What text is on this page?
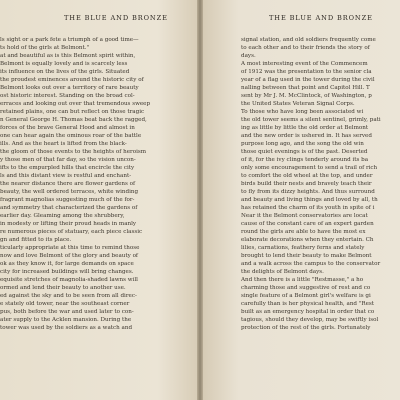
THE BLUE AND BRONZE
ls sight or a park fete a triumph of a good time—
ts hold of the girls at Belmont."
at and beautiful as is this Belmont spirit within,
Belmont is equally lovely and is scarcely less
its influence on the lives of the girls. Situated
the proudest eminences around the historic city of
Belmont looks out over a territory of rare beauty
ost historic interest. Standing on the broad col-
erraces and looking out over that tremendous sweep
retained plains, one can but reflect on those tragic
n General George H. Thomas beat back the ragged,
forces of the brave General Hood and almost in
one can hear again the ominous roar of the battle
ills. And as the heart is lifted from the black-
the gloom of those events to the heights of heroism
y those men of that far day, so the vision uncon-
ifts to the empurpled hills that encircle the city
ls and this distant view is restful and enchant-
the nearer distance there are flower gardens of
beauty, the well ordered terraces, white winding
fragrant magnolias suggesting much of the for-
and symmetry that characterized the gardens of
earlier day. Gleaming among the shrubbery,
in modesty or lifting their proud heads in manly
re numerous pieces of statuary, each piece classic
gn and fitted to its place.
ticularly appropriate at this time to remind those
now and love Belmont of the glory and beauty of
ok as they know it, for large demands on space
city for increased buildings will bring changes.
equisite stretches of magnolia-shaded lawns will
ormed and lend their beauty to another use.
ed against the sky and to be seen from all direc-
e stately old tower, near the southeast corner
pus, both before the war and used later to con-
ater supply to the Acklen mansion. During the
tower was used by the soldiers as a watch and
THE BLUE AND BRONZE
signal station, and old soldiers frequently come
to each other and to their friends the story of
days.
A most interesting event of the Commencem
of 1912 was the presentation to the senior cla
year of a flag used in the tower during the civil
nalling between that point and Capitol Hill. T
sent by Mr J. M. McClintock, of Washington, p
the United States Veteran Signal Corps.
To those who have long been associated wi
the old tower seems a silent sentinel, grimly, pati
ing as little by little the old order at Belmont
and the new order is ushered in. It has served
purpose long ago, and the song the old win
those quiet evenings is of the past. Deserted
of it, for the ivy clings tenderly around its ba
only some encouragement to send a trail of rich
to comfort the old wheel at the top, and under
birds build their nests and bravely teach their
to fly from its dizzy heights. And thus surround
and beauty and living things and loved by all, th
has retained the charm of its youth in spite of i
Near it the Belmont conservatories are locat
cause of the constant care of an expert garden
round the girls are able to have the most ex
elaborate decorations when they entertain. Ch
lilies, carnations, feathery ferns and stately
brought to lend their beauty to make Belmont
and a walk across the campus to the conservator
the delights of Belmont days.
And then there is a little "Restmasse," a ho
charming those and suggestive of rest and co
single feature of a Belmont girl's welfare is gi
carefully than is her physical health, and "Rest
built as an emergency hospital in order that co
tagious, should they develop, may be swiftly isol
protection of the rest of the girls. Fortunately
